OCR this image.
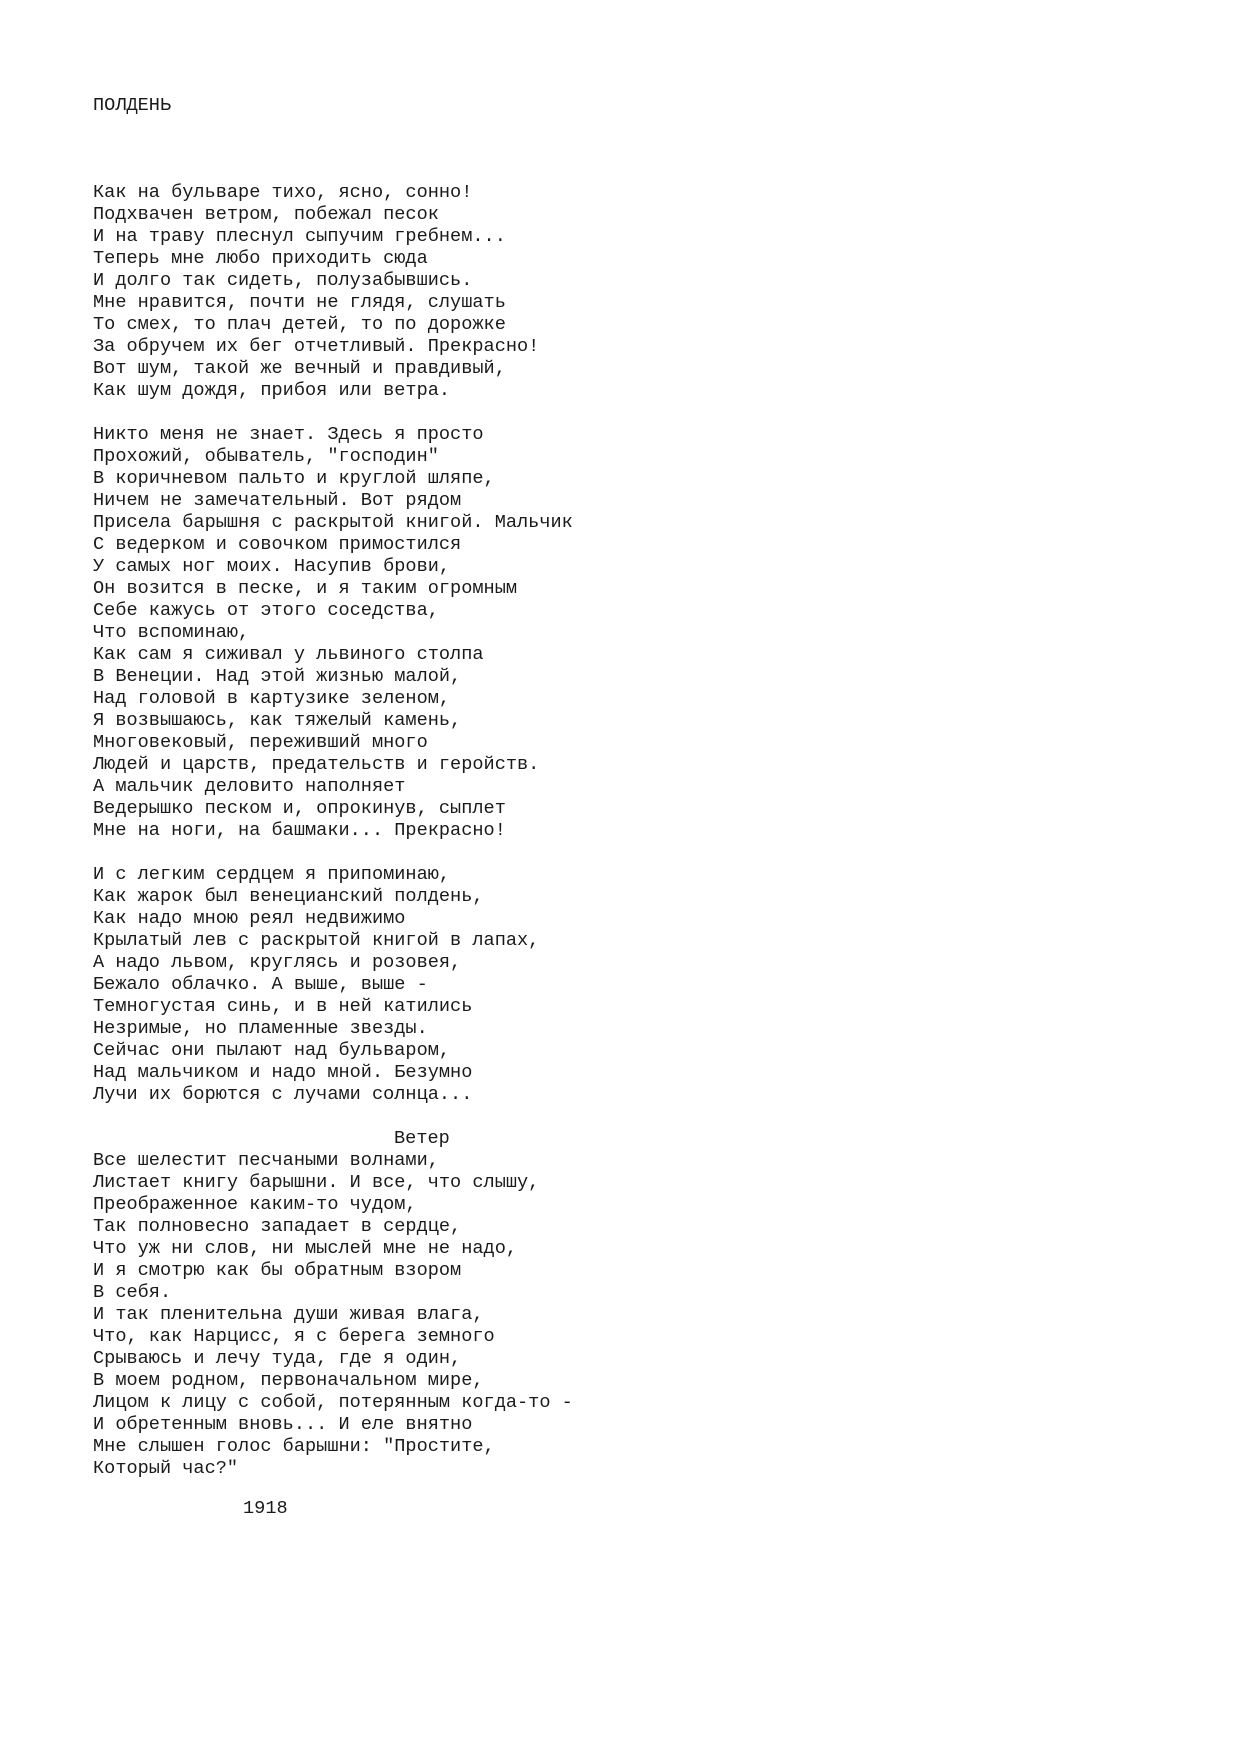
ПОЛДЕНЬ
Как на бульваре тихо, ясно, сонно!
Подхвачен ветром, побежал песок
И на траву плеснул сыпучим гребнем...
Теперь мне любо приходить сюда
И долго так сидеть, полузабывшись.
Мне нравится, почти не глядя, слушать
То смех, то плач детей, то по дорожке
За обручем их бег отчетливый. Прекрасно!
Вот шум, такой же вечный и правдивый,
Как шум дождя, прибоя или ветра.
Никто меня не знает. Здесь я просто
Прохожий, обыватель, "господин"
В коричневом пальто и круглой шляпе,
Ничем не замечательный. Вот рядом
Присела барышня с раскрытой книгой. Мальчик
С ведерком и совочком примостился
У самых ног моих. Насупив брови,
Он возится в песке, и я таким огромным
Себе кажусь от этого соседства,
Что вспоминаю,
Как сам я сиживал у львиного столпа
В Венеции. Над этой жизнью малой,
Над головой в картузике зеленом,
Я возвышаюсь, как тяжелый камень,
Многовековый, переживший много
Людей и царств, предательств и геройств.
А мальчик деловито наполняет
Ведерышко песком и, опрокинув, сыплет
Мне на ноги, на башмаки... Прекрасно!
И с легким сердцем я припоминаю,
Как жарок был венецианский полдень,
Как надо мною реял недвижимо
Крылатый лев с раскрытой книгой в лапах,
А надо львом, круглясь и розовея,
Бежало облачко. А выше, выше -
Темногустая синь, и в ней катились
Незримые, но пламенные звезды.
Сейчас они пылают над бульваром,
Над мальчиком и надо мной. Безумно
Лучи их борются с лучами солнца...
Ветер
Все шелестит песчаными волнами,
Листает книгу барышни. И все, что слышу,
Преображенное каким-то чудом,
Так полновесно западает в сердце,
Что уж ни слов, ни мыслей мне не надо,
И я смотрю как бы обратным взором
В себя.
И так пленительна души живая влага,
Что, как Нарцисс, я с берега земного
Срываюсь и лечу туда, где я один,
В моем родном, первоначальном мире,
Лицом к лицу с собой, потерянным когда-то -
И обретенным вновь... И еле внятно
Мне слышен голос барышни: "Простите,
Который час?"
1918
